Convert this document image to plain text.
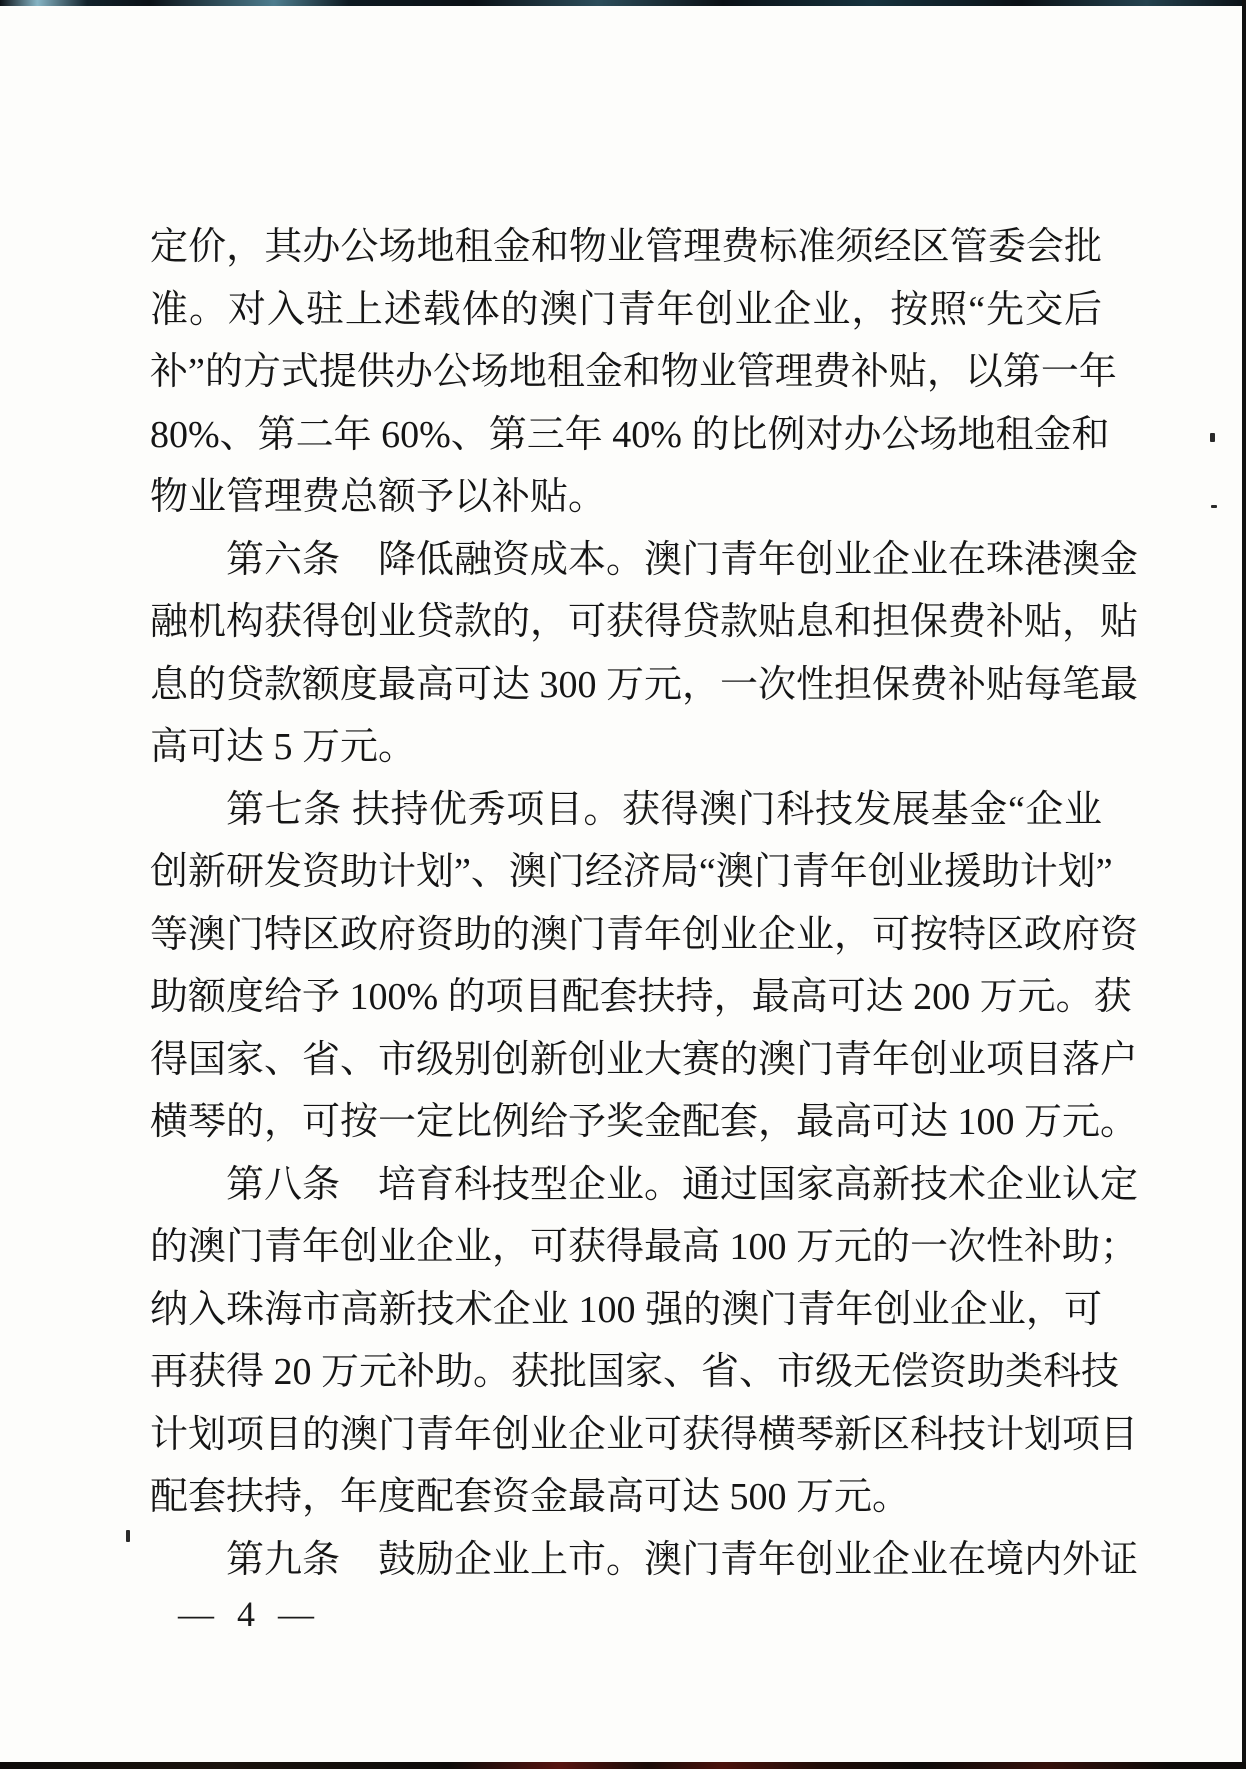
定价，其办公场地租金和物业管理费标准须经区管委会批
准。对入驻上述载体的澳门青年创业企业，按照“先交后
补”的方式提供办公场地租金和物业管理费补贴，以第一年
80%、第二年 60%、第三年 40% 的比例对办公场地租金和
物业管理费总额予以补贴。
第六条　降低融资成本。澳门青年创业企业在珠港澳金
融机构获得创业贷款的，可获得贷款贴息和担保费补贴，贴
息的贷款额度最高可达 300 万元，一次性担保费补贴每笔最
高可达 5 万元。
第七条 扶持优秀项目。获得澳门科技发展基金“企业
创新研发资助计划”、澳门经济局“澳门青年创业援助计划”
等澳门特区政府资助的澳门青年创业企业，可按特区政府资
助额度给予 100% 的项目配套扶持，最高可达 200 万元。获
得国家、省、市级别创新创业大赛的澳门青年创业项目落户
横琴的，可按一定比例给予奖金配套，最高可达 100 万元。
第八条　培育科技型企业。通过国家高新技术企业认定
的澳门青年创业企业，可获得最高 100 万元的一次性补助；
纳入珠海市高新技术企业 100 强的澳门青年创业企业，可
再获得 20 万元补助。获批国家、省、市级无偿资助类科技
计划项目的澳门青年创业企业可获得横琴新区科技计划项目
配套扶持，年度配套资金最高可达 500 万元。
第九条　鼓励企业上市。澳门青年创业企业在境内外证
— 4 —
